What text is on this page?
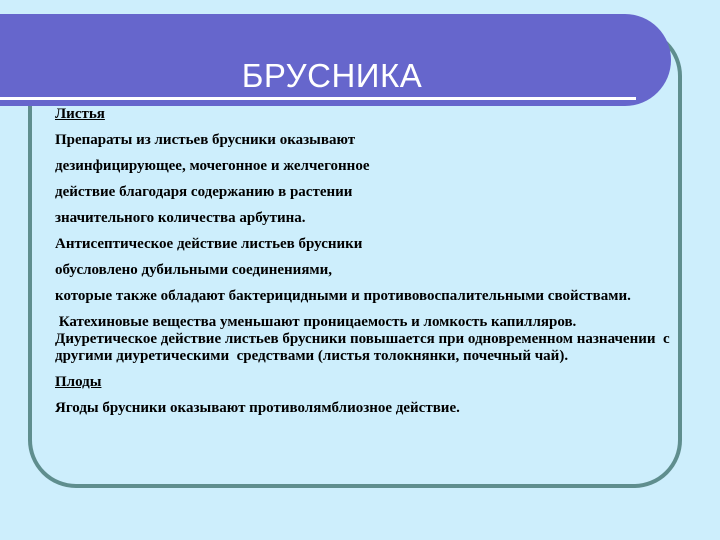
БРУСНИКА

Листья

Препараты из листьев брусники оказывают

дезинфицирующее, мочегонное и желчегонное

действие благодаря содержанию в растении

значительного количества арбутина.

Антисептическое действие листьев брусники

обусловлено дубильными соединениями,

которые также обладают бактерицидными и противовоспалительными свойствами.

Катехиновые вещества уменьшают проницаемость и ломкость капилляров. Диуретическое действие листьев брусники повышается при одновременном назначении  с другими диуретическими  средствами (листья толокнянки, почечный чай).

Плоды

Ягоды брусники оказывают противолямблиозное действие.
